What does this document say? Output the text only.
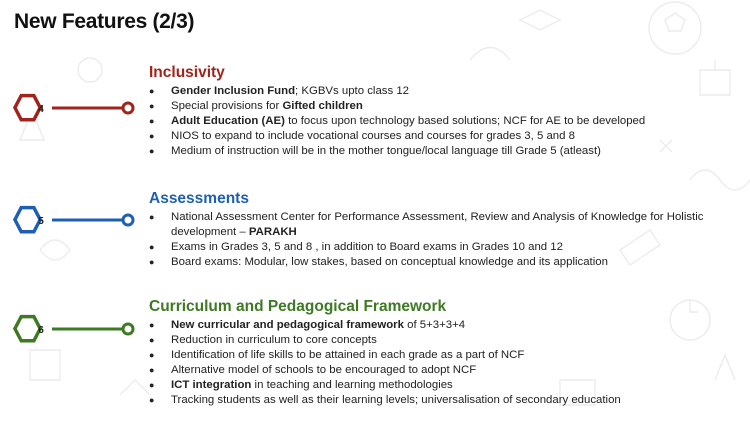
New Features (2/3)
4
Inclusivity
● Gender Inclusion Fund; KGBVs upto class 12
● Special provisions for Gifted children
● Adult Education (AE) to focus upon technology based solutions; NCF for AE to be developed
● NIOS to expand to include vocational courses and courses for grades 3, 5 and 8
● Medium of instruction will be in the mother tongue/local language till Grade 5 (atleast)
5
Assessments
● National Assessment Center for Performance Assessment, Review and Analysis of Knowledge for Holistic development – PARAKH
● Exams in Grades 3, 5 and 8 , in addition to Board exams in Grades 10 and 12
● Board exams: Modular, low stakes, based on conceptual knowledge and its application
6
Curriculum and Pedagogical Framework
● New curricular and pedagogical framework of 5+3+3+4
● Reduction in curriculum to core concepts
● Identification of life skills to be attained in each grade as a part of NCF
● Alternative model of schools to be encouraged to adopt NCF
● ICT integration in teaching and learning methodologies
● Tracking students as well as their learning levels; universalisation of secondary education
